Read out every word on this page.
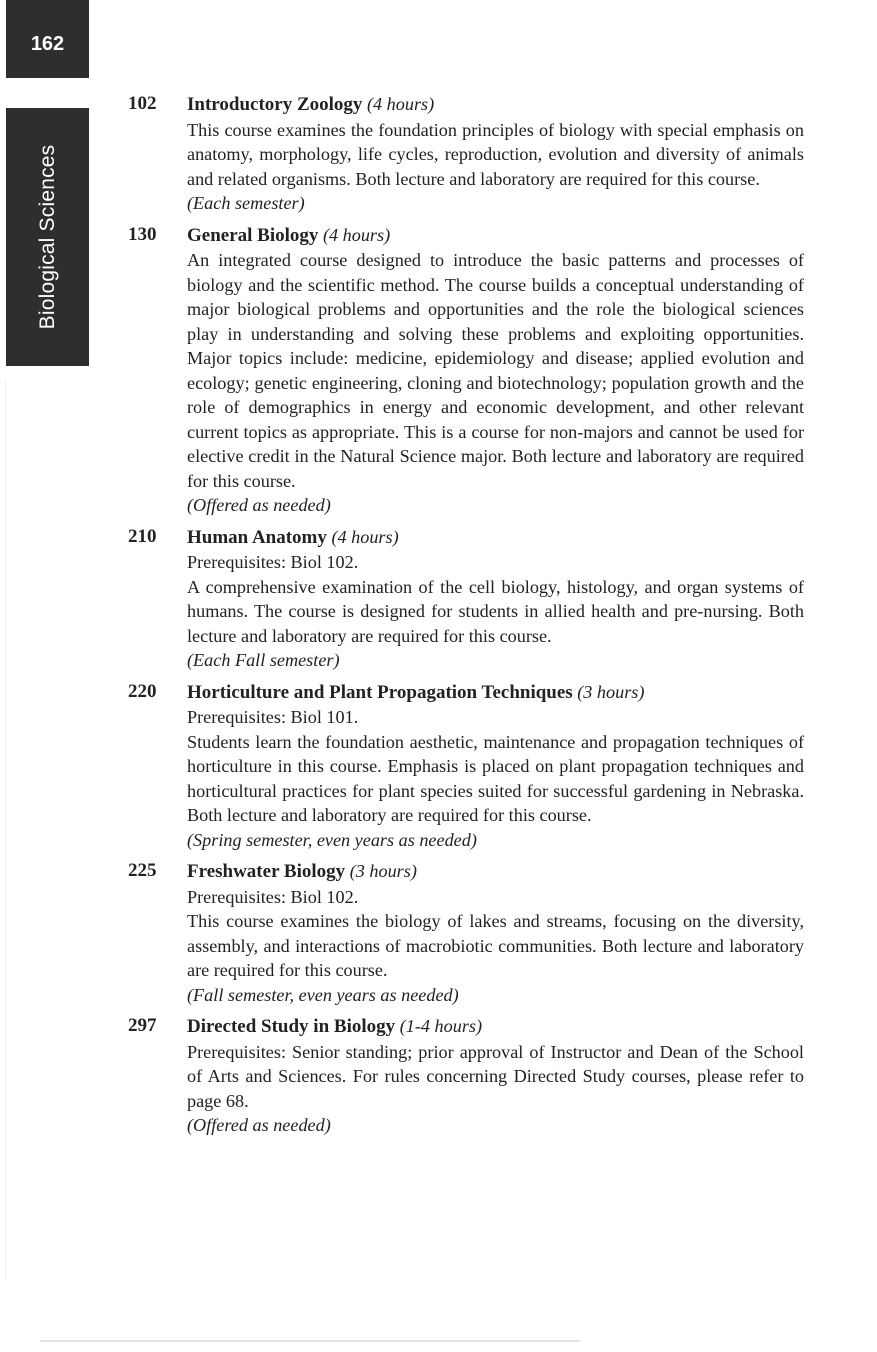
162
Biological Sciences
102	Introductory Zoology (4 hours)
This course examines the foundation principles of biology with special emphasis on anatomy, morphology, life cycles, reproduction, evolution and diversity of animals and related organisms. Both lecture and laboratory are required for this course.
(Each semester)
130	General Biology (4 hours)
An integrated course designed to introduce the basic patterns and processes of biology and the scientific method. The course builds a conceptual understanding of major biological problems and opportunities and the role the biological sciences play in understanding and solving these problems and exploiting opportunities. Major topics include: medicine, epidemiology and disease; applied evolution and ecology; genetic engineering, cloning and biotechnology; population growth and the role of demographics in energy and economic development, and other relevant current topics as appropriate. This is a course for non-majors and cannot be used for elective credit in the Natural Science major. Both lecture and laboratory are required for this course.
(Offered as needed)
210	Human Anatomy (4 hours)
Prerequisites: Biol 102.
A comprehensive examination of the cell biology, histology, and organ systems of humans. The course is designed for students in allied health and pre-nursing. Both lecture and laboratory are required for this course.
(Each Fall semester)
220	Horticulture and Plant Propagation Techniques (3 hours)
Prerequisites: Biol 101.
Students learn the foundation aesthetic, maintenance and propagation techniques of horticulture in this course. Emphasis is placed on plant propagation techniques and horticultural practices for plant species suited for successful gardening in Nebraska. Both lecture and laboratory are required for this course.
(Spring semester, even years as needed)
225	Freshwater Biology (3 hours)
Prerequisites: Biol 102.
This course examines the biology of lakes and streams, focusing on the diversity, assembly, and interactions of macrobiotic communities. Both lecture and laboratory are required for this course.
(Fall semester, even years as needed)
297	Directed Study in Biology (1-4 hours)
Prerequisites: Senior standing; prior approval of Instructor and Dean of the School of Arts and Sciences. For rules concerning Directed Study courses, please refer to page 68.
(Offered as needed)
